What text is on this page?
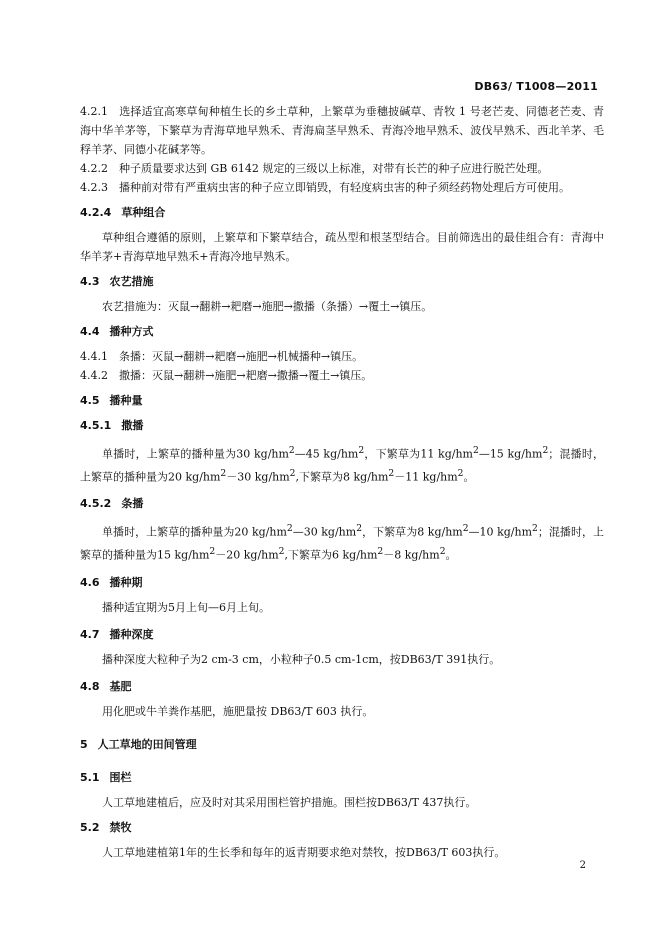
DB63/ T1008—2011

4.2.1  选择适宜高寒草甸种植生长的乡土草种，上繁草为垂穗披碱草、青牧 1 号老芒麦、同德老芒麦、青海中华羊茅等，下繁草为青海草地早熟禾、青海扁茎早熟禾、青海冷地早熟禾、波伐早熟禾、西北羊茅、毛稃羊茅、同德小花碱茅等。

4.2.2  种子质量要求达到 GB 6142 规定的三级以上标准，对带有长芒的种子应进行脱芒处理。

4.2.3  播种前对带有严重病虫害的种子应立即销毁，有轻度病虫害的种子须经药物处理后方可使用。

4.2.4 草种组合

草种组合遵循的原则，上繁草和下繁草结合，疏丛型和根茎型结合。目前筛选出的最佳组合有：青海中华羊茅+青海草地早熟禾+青海冷地早熟禾。

4.3 农艺措施

农艺措施为：灭鼠→翻耕→耙磨→施肥→撒播（条播）→覆土→镇压。

4.4 播种方式

4.4.1  条播：灭鼠→翻耕→耙磨→施肥→机械播种→镇压。

4.4.2  撒播：灭鼠→翻耕→施肥→耙磨→撒播→覆土→镇压。

4.5 播种量

4.5.1 撒播

单播时，上繁草的播种量为30 $kg/hm^2—45$ $kg/hm^2$，下繁草为11 $kg/hm^2—15$ $kg/hm^2$；混播时，上繁草的播种量为20 $kg/hm^2-30$ $kg/hm^2$,下繁草为8 $kg/hm^2-11$ $kg/hm^2$。

4.5.2 条播

单播时，上繁草的播种量为20 $kg/hm^2—30$ $kg/hm^2$，下繁草为8 $kg/hm^2—10$ $kg/hm^2$；混播时，上繁草的播种量为15 $kg/hm^2-20$ $kg/hm^2$,下繁草为6 $kg/hm^2-8$ $kg/hm^2$。

4.6 播种期

播种适宜期为5月上旬—6月上旬。

4.7 播种深度

播种深度大粒种子为2 cm-3 cm，小粒种子0.5 cm-1cm，按DB63/T 391执行。

4.8 基肥

用化肥或牛羊粪作基肥，施肥量按 DB63/T 603 执行。

5 人工草地的田间管理

5.1 围栏

人工草地建植后，应及时对其采用围栏管护措施。围栏按DB63/T 437执行。

5.2 禁牧

人工草地建植第1年的生长季和每年的返青期要求绝对禁牧，按DB63/T 603执行。

2
